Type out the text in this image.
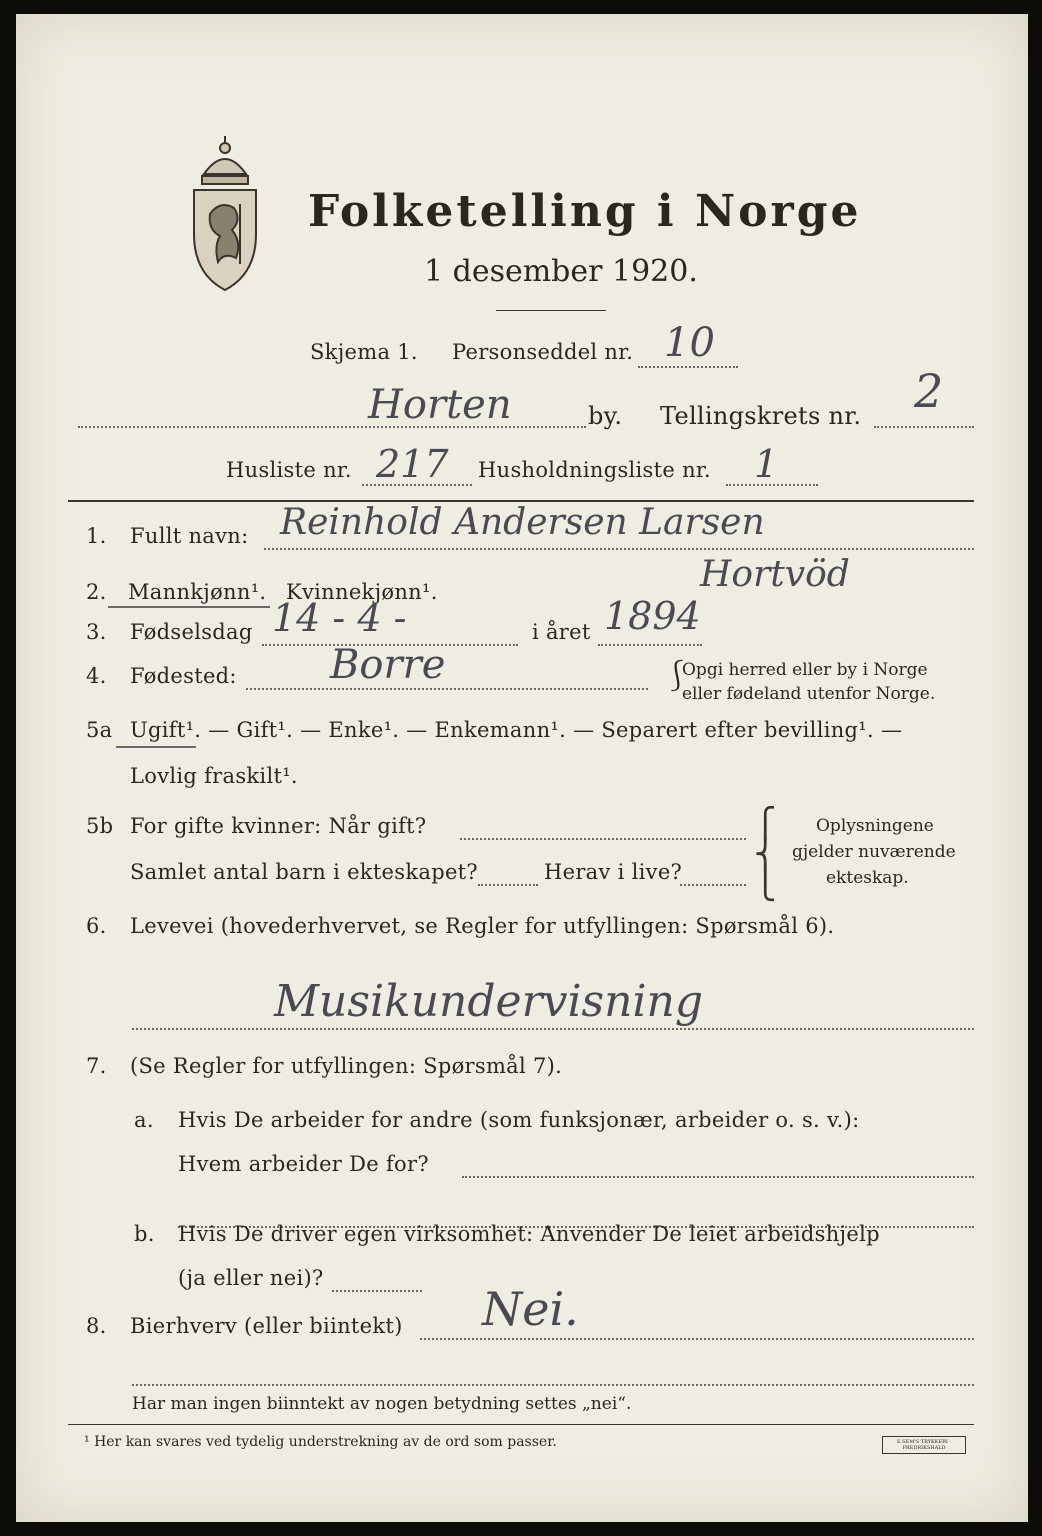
Folketelling i Norge
1 desember 1920.
Skjema 1. Personseddel nr. 10
Horten	by. Tellingskrets nr. 2
Husliste nr. 217 Husholdningsliste nr. 1
1. Fullt navn: Reinhold Andersen Larsen
Hortvöd
2. Mannkjønn¹. Kvinnekjønn¹.
3. Fødselsdag 14 - 4 -	i året 1894
4. Fødested: Borre	⎰
Opgi herred eller by i Norge
eller fødeland utenfor Norge.
5a Ugift¹. — Gift¹. — Enke¹. — Enkemann¹. — Separert efter bevilling¹. —
Lovlig fraskilt¹.
5b For gifte kvinner: Når gift?
Samlet antal barn i ekteskapet?	Herav i live?
⎧
⎨
⎩
Oplysningene
gjelder nuværende
ekteskap.
6. Levevei (hovederhvervet, se Regler for utfyllingen: Spørsmål 6).
Musikundervisning
7. (Se Regler for utfyllingen: Spørsmål 7).
a. Hvis De arbeider for andre (som funksjonær, arbeider o. s. v.):
Hvem arbeider De for?
b. Hvis De driver egen virksomhet: Anvender De leiet arbeidshjelp
(ja eller nei)?
8. Bierhverv (eller biintekt) Nei.
Har man ingen biinntekt av nogen betydning settes „nei“.
¹ Her kan svares ved tydelig understrekning av de ord som passer.	E.SEM'S TRYKKERI · FREDRIKSHALD
